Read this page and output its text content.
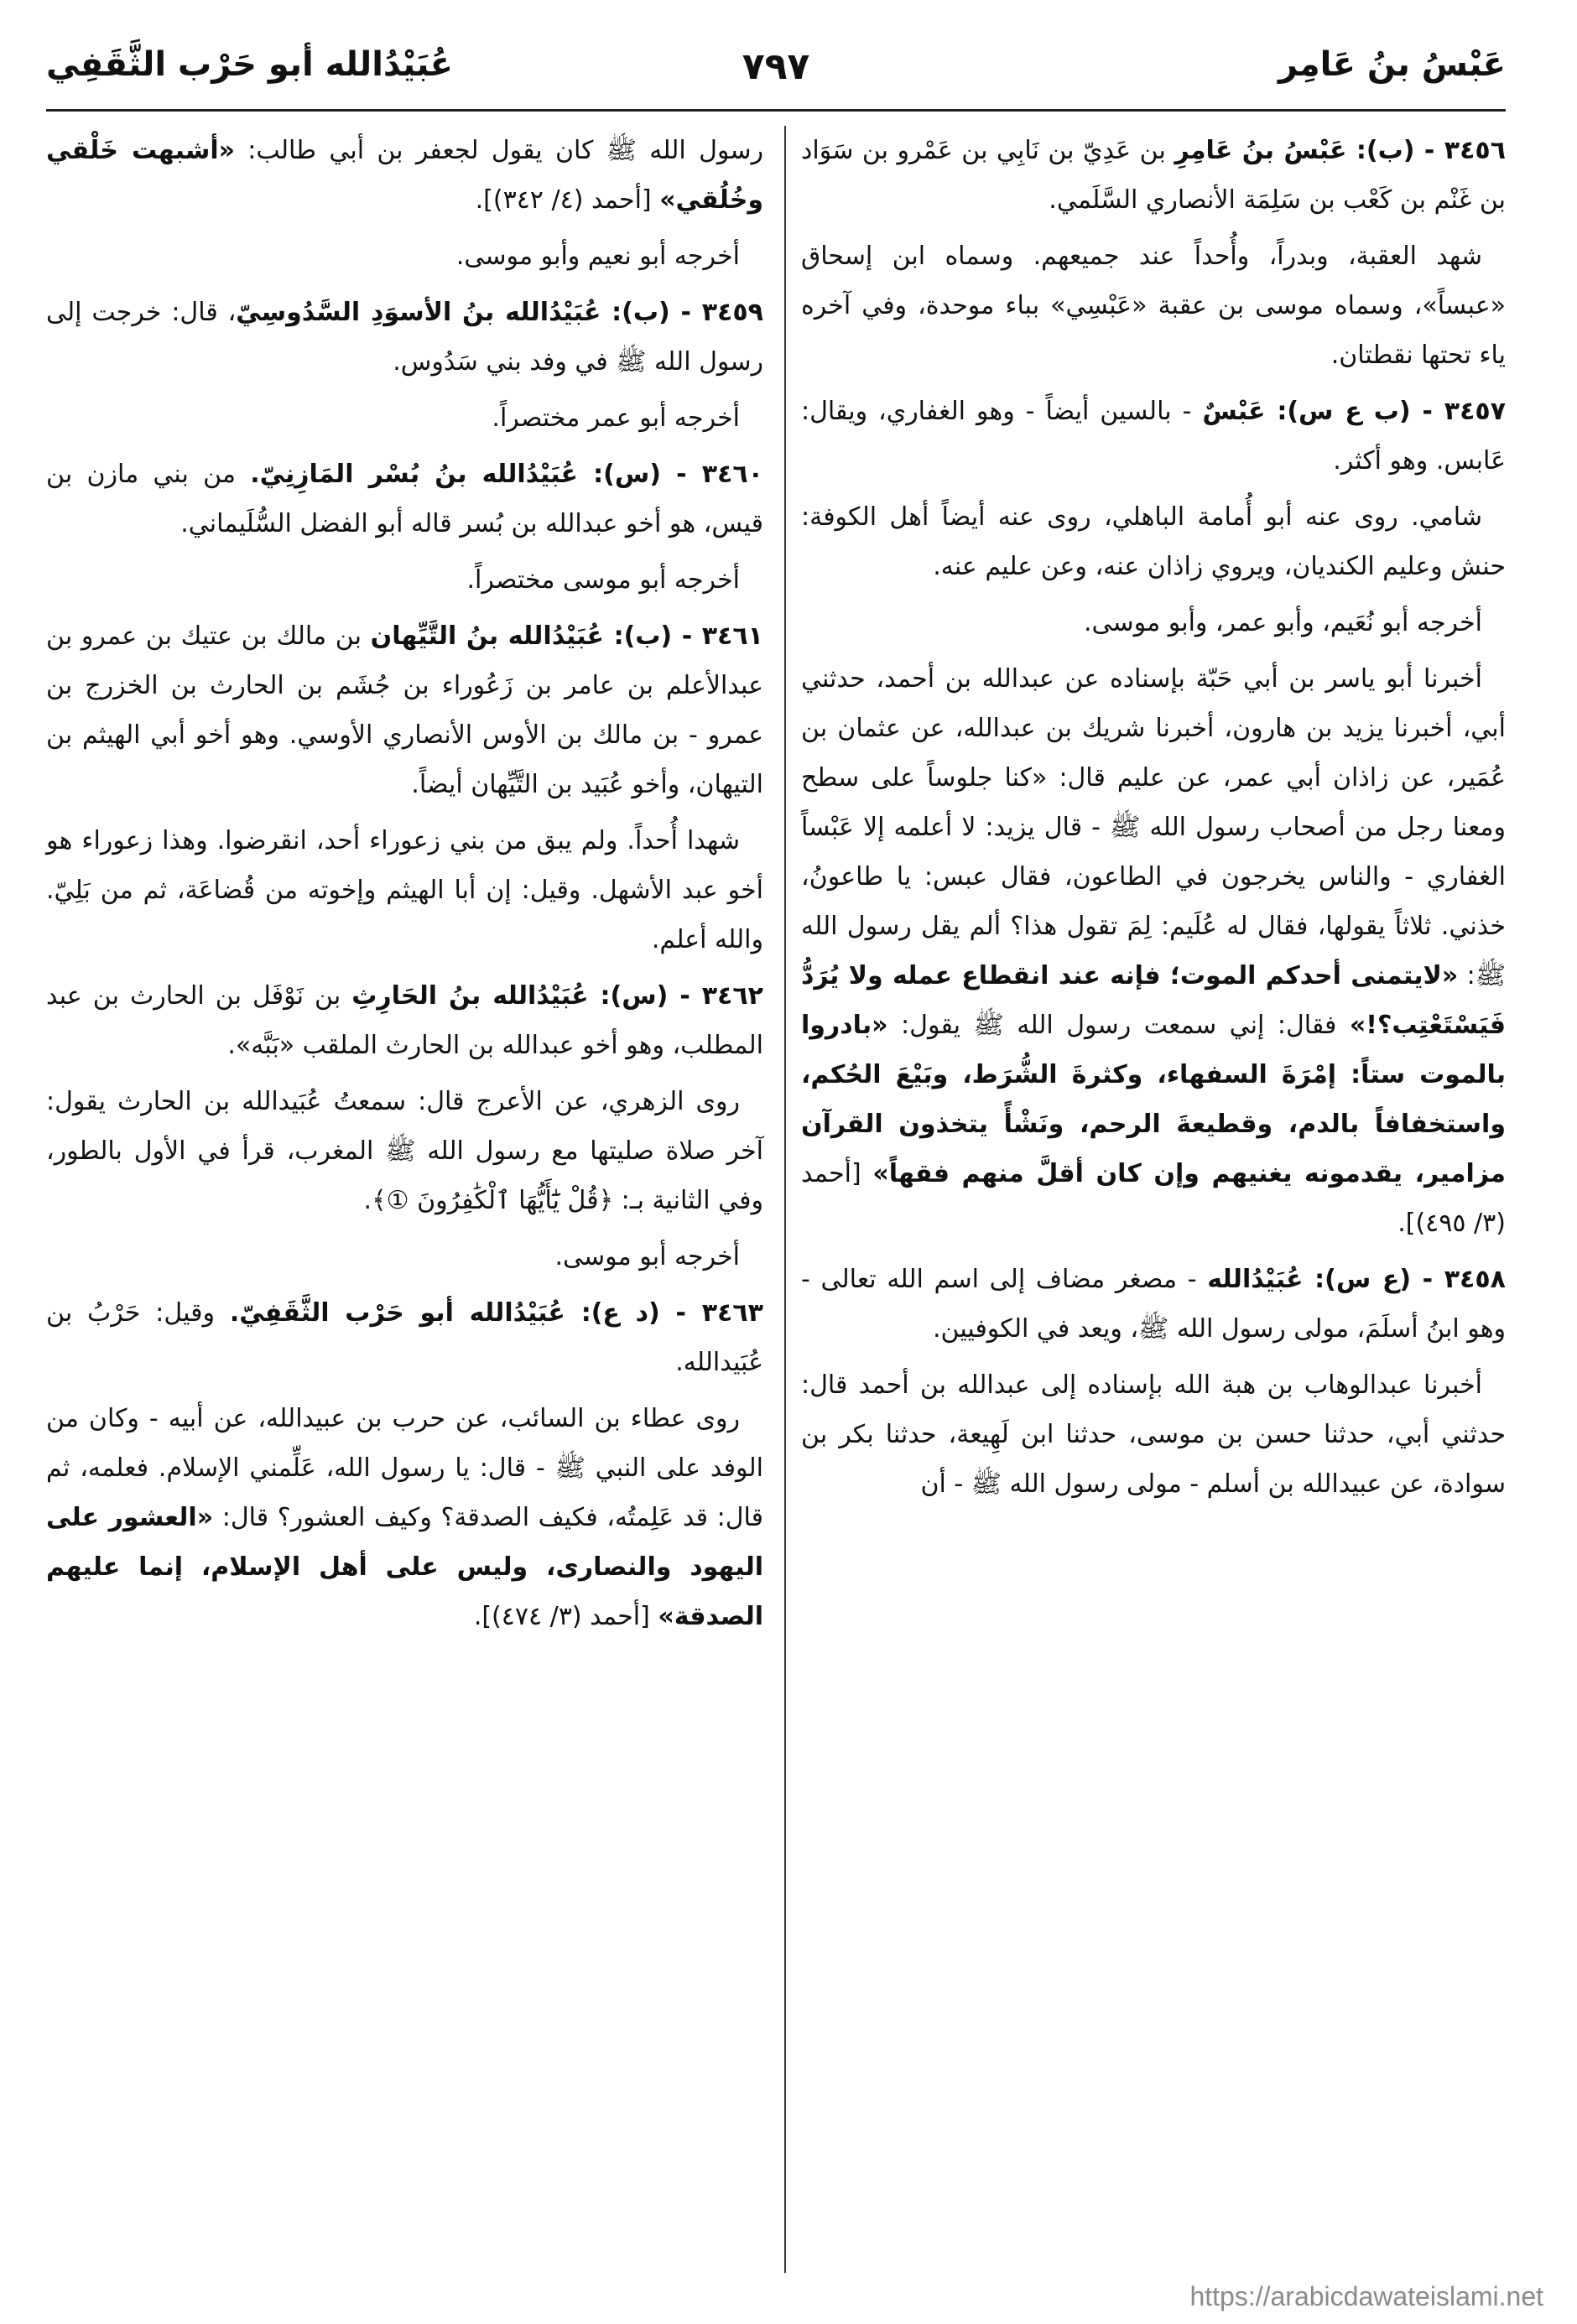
عَبْسُ بنُ عَامِر
٧٩٧
عُبَيْدُالله أبو حَرْب الثَّقَفِي

٣٤٥٦ - (ب): عَبْسُ بنُ عَامِرِ بن عَدِيّ بن نَابِي بن عَمْرو بن سَوَاد بن غَنْم بن كَعْب بن سَلِمَة الأنصاري السَّلَمي.

شهد العقبة، وبدراً، وأُحداً عند جميعهم. وسماه ابن إسحاق «عبساً»، وسماه موسى بن عقبة «عَبْسِي» بباء موحدة، وفي آخره ياء تحتها نقطتان.

٣٤٥٧ - (ب ع س): عَبْسٌ - بالسين أيضاً - وهو الغفاري، ويقال: عَابس. وهو أكثر.

شامي. روى عنه أبو أُمامة الباهلي، روى عنه أيضاً أهل الكوفة: حنش وعليم الكنديان، ويروي زاذان عنه، وعن عليم عنه.

أخرجه أبو نُعَيم، وأبو عمر، وأبو موسى.

أخبرنا أبو ياسر بن أبي حَبّة بإسناده عن عبدالله بن أحمد، حدثني أبي، أخبرنا يزيد بن هارون، أخبرنا شريك بن عبدالله، عن عثمان بن عُمَير، عن زاذان أبي عمر، عن عليم قال: «كنا جلوساً على سطح ومعنا رجل من أصحاب رسول الله ﷺ - قال يزيد: لا أعلمه إلا عَبْساً الغفاري - والناس يخرجون في الطاعون، فقال عبس: يا طاعونُ، خذني. ثلاثاً يقولها، فقال له عُلَيم: لِمَ تقول هذا؟ ألم يقل رسول الله ﷺ: «لايتمنى أحدكم الموت؛ فإنه عند انقطاع عمله ولا يُرَدُّ فَيَسْتَعْتِب؟!» فقال: إني سمعت رسول الله ﷺ يقول: «بادروا بالموت ستاً: إمْرَةَ السفهاء، وكثرةَ الشُّرَط، وبَيْعَ الحُكم، واستخفافاً بالدم، وقطيعةَ الرحم، ونَشْأً يتخذون القرآن مزامير، يقدمونه يغنيهم وإن كان أقلَّ منهم فقهاً» [أحمد (٣/ ٤٩٥)].

٣٤٥٨ - (ع س): عُبَيْدُالله - مصغر مضاف إلى اسم الله تعالى - وهو ابنُ أسلَمَ، مولى رسول الله ﷺ، ويعد في الكوفيين.

أخبرنا عبدالوهاب بن هبة الله بإسناده إلى عبدالله بن أحمد قال: حدثني أبي، حدثنا حسن بن موسى، حدثنا ابن لَهِيعة، حدثنا بكر بن سوادة، عن عبيدالله بن أسلم - مولى رسول الله ﷺ - أن

رسول الله ﷺ كان يقول لجعفر بن أبي طالب: «أشبهت خَلْقي وخُلُقي» [أحمد (٤/ ٣٤٢)].

أخرجه أبو نعيم وأبو موسى.

٣٤٥٩ - (ب): عُبَيْدُالله بنُ الأسوَدِ السَّدُوسِيّ، قال: خرجت إلى رسول الله ﷺ في وفد بني سَدُوس.

أخرجه أبو عمر مختصراً.

٣٤٦٠ - (س): عُبَيْدُالله بنُ بُسْر المَازِنِيّ. من بني مازن بن قيس، هو أخو عبدالله بن بُسر قاله أبو الفضل السُّلَيماني.

أخرجه أبو موسى مختصراً.

٣٤٦١ - (ب): عُبَيْدُالله بنُ التَّيِّهان بن مالك بن عتيك بن عمرو بن عبدالأعلم بن عامر بن زَعُوراء بن جُشَم بن الحارث بن الخزرج بن عمرو - بن مالك بن الأوس الأنصاري الأوسي. وهو أخو أبي الهيثم بن التيهان، وأخو عُبَيد بن التَّيِّهان أيضاً.

شهدا أُحداً. ولم يبق من بني زعوراء أحد، انقرضوا. وهذا زعوراء هو أخو عبد الأشهل. وقيل: إن أبا الهيثم وإخوته من قُضاعَة، ثم من بَلِيّ. والله أعلم.

٣٤٦٢ - (س): عُبَيْدُالله بنُ الحَارِثِ بن نَوْفَل بن الحارث بن عبد المطلب، وهو أخو عبدالله بن الحارث الملقب «بَبَّه».

روى الزهري، عن الأعرج قال: سمعتُ عُبَيدالله بن الحارث يقول: آخر صلاة صليتها مع رسول الله ﷺ المغرب، قرأ في الأول بالطور، وفي الثانية بـ: ﴿قُلْ يَٰٓأَيُّهَا ٱلْكَٰفِرُونَ ①﴾.

أخرجه أبو موسى.

٣٤٦٣ - (د ع): عُبَيْدُالله أبو حَرْب الثَّقَفِيّ. وقيل: حَرْبُ بن عُبَيدالله.

روى عطاء بن السائب، عن حرب بن عبيدالله، عن أبيه - وكان من الوفد على النبي ﷺ - قال: يا رسول الله، عَلِّمني الإسلام. فعلمه، ثم قال: قد عَلِمتُه، فكيف الصدقة؟ وكيف العشور؟ قال: «العشور على اليهود والنصارى، وليس على أهل الإسلام، إنما عليهم الصدقة» [أحمد (٣/ ٤٧٤)].

https://arabicdawateislami.net
